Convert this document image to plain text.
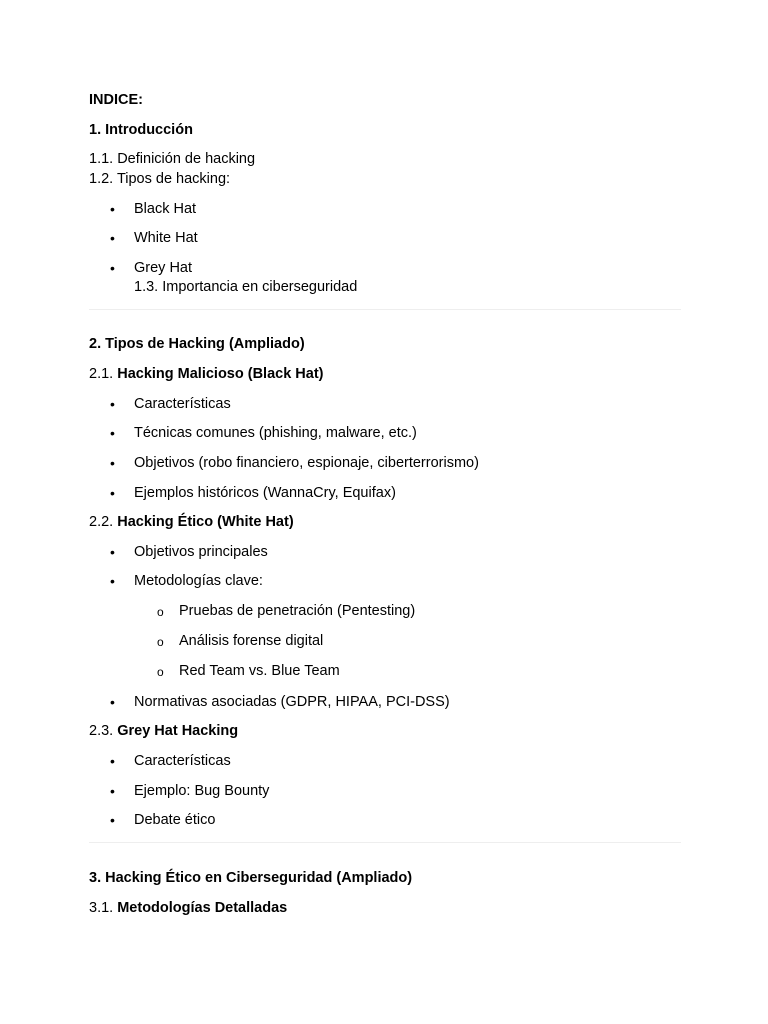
INDICE:
1. Introducción
1.1. Definición de hacking
1.2. Tipos de hacking:
• Black Hat
• White Hat
• Grey Hat
1.3. Importancia en ciberseguridad
2. Tipos de Hacking (Ampliado)
2.1. Hacking Malicioso (Black Hat)
• Características
• Técnicas comunes (phishing, malware, etc.)
• Objetivos (robo financiero, espionaje, ciberterrorismo)
• Ejemplos históricos (WannaCry, Equifax)
2.2. Hacking Ético (White Hat)
• Objetivos principales
• Metodologías clave:
o Pruebas de penetración (Pentesting)
o Análisis forense digital
o Red Team vs. Blue Team
• Normativas asociadas (GDPR, HIPAA, PCI-DSS)
2.3. Grey Hat Hacking
• Características
• Ejemplo: Bug Bounty
• Debate ético
3. Hacking Ético en Ciberseguridad (Ampliado)
3.1. Metodologías Detalladas
